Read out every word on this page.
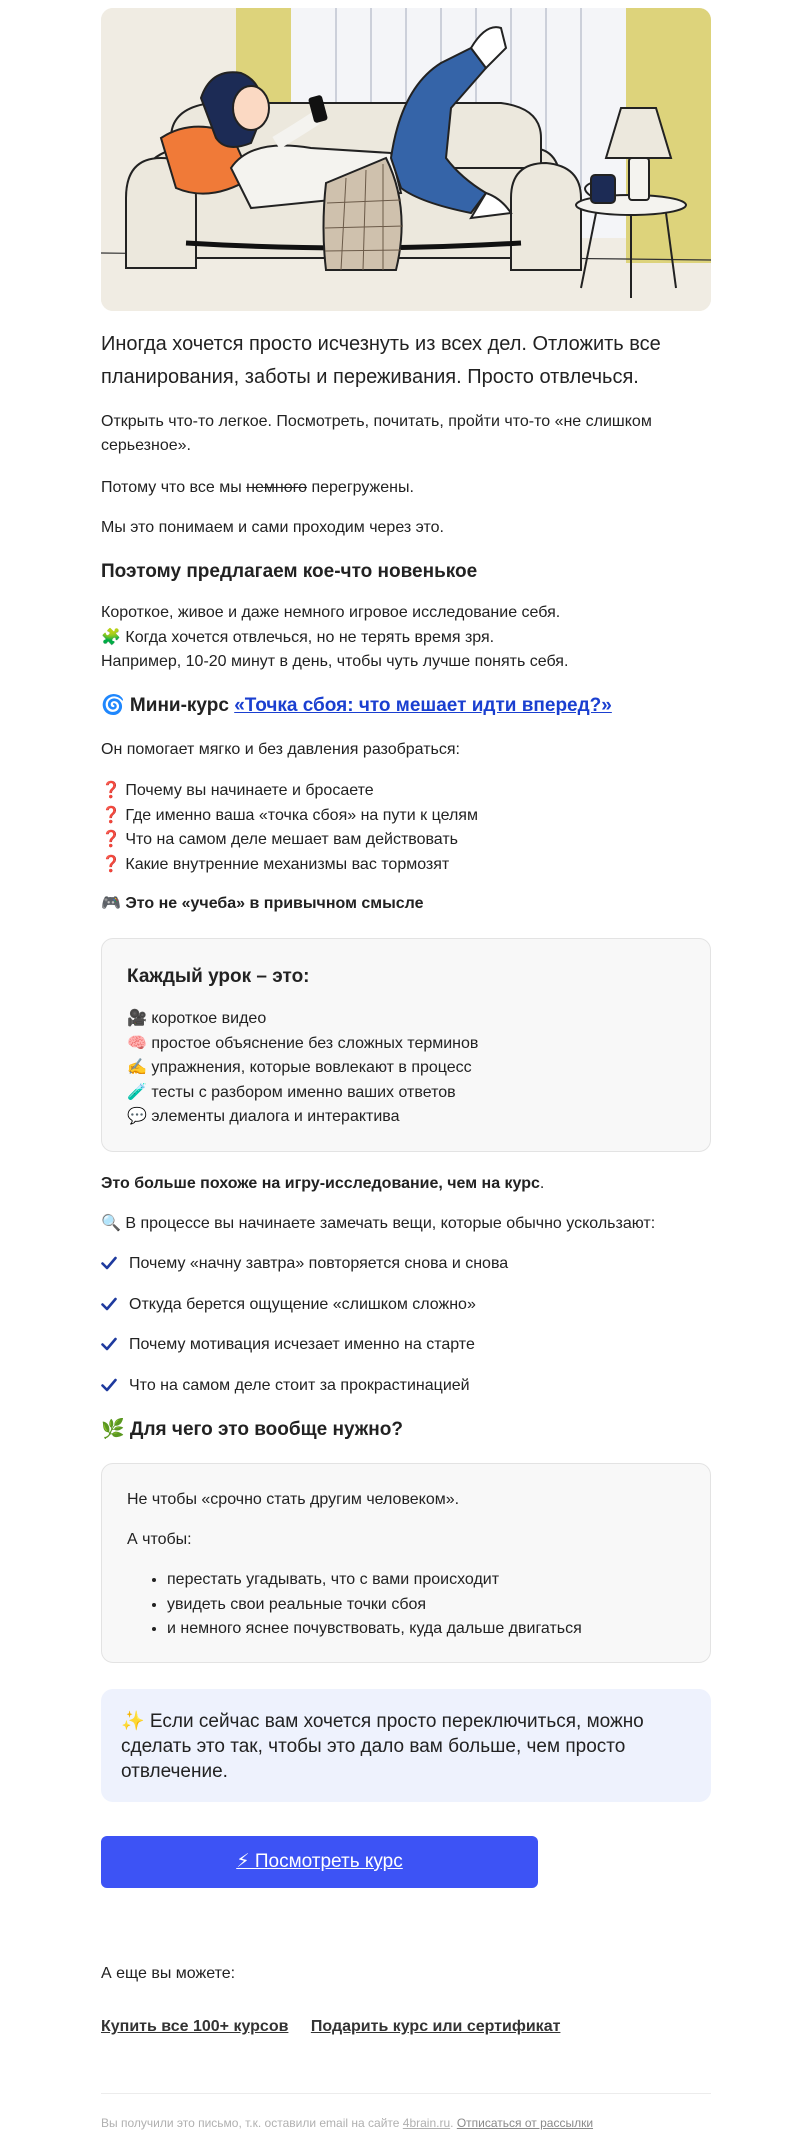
Иногда хочется просто исчезнуть из всех дел. Отложить все планирования, заботы и переживания. Просто отвлечься.
Открыть что-то легкое. Посмотреть, почитать, пройти что-то «не слишком серьезное».
Потому что все мы немного перегружены.
Мы это понимаем и сами проходим через это.
Поэтому предлагаем кое-что новенькое
Короткое, живое и даже немного игровое исследование себя.
🧩 Когда хочется отвлечься, но не терять время зря.
Например, 10-20 минут в день, чтобы чуть лучше понять себя.
🌀 Мини-курс «Точка сбоя: что мешает идти вперед?»
Он помогает мягко и без давления разобраться:
❓ Почему вы начинаете и бросаете
❓ Где именно ваша «точка сбоя» на пути к целям
❓ Что на самом деле мешает вам действовать
❓ Какие внутренние механизмы вас тормозят
🎮 Это не «учеба» в привычном смысле
Каждый урок – это:
🎥 короткое видео
🧠 простое объяснение без сложных терминов
✍️ упражнения, которые вовлекают в процесс
🧪 тесты с разбором именно ваших ответов
💬 элементы диалога и интерактива
Это больше похоже на игру-исследование, чем на курс.
🔍 В процессе вы начинаете замечать вещи, которые обычно ускользают:
Почему «начну завтра» повторяется снова и снова
Откуда берется ощущение «слишком сложно»
Почему мотивация исчезает именно на старте
Что на самом деле стоит за прокрастинацией
🌿 Для чего это вообще нужно?
Не чтобы «срочно стать другим человеком».
А чтобы:
• перестать угадывать, что с вами происходит
• увидеть свои реальные точки сбоя
• и немного яснее почувствовать, куда дальше двигаться
✨ Если сейчас вам хочется просто переключиться, можно сделать это так, чтобы это дало вам больше, чем просто отвлечение.
⚡ Посмотреть курс
А еще вы можете:
Купить все 100+ курсов Подарить курс или сертификат
Вы получили это письмо, т.к. оставили email на сайте 4brain.ru. Отписаться от рассылки
